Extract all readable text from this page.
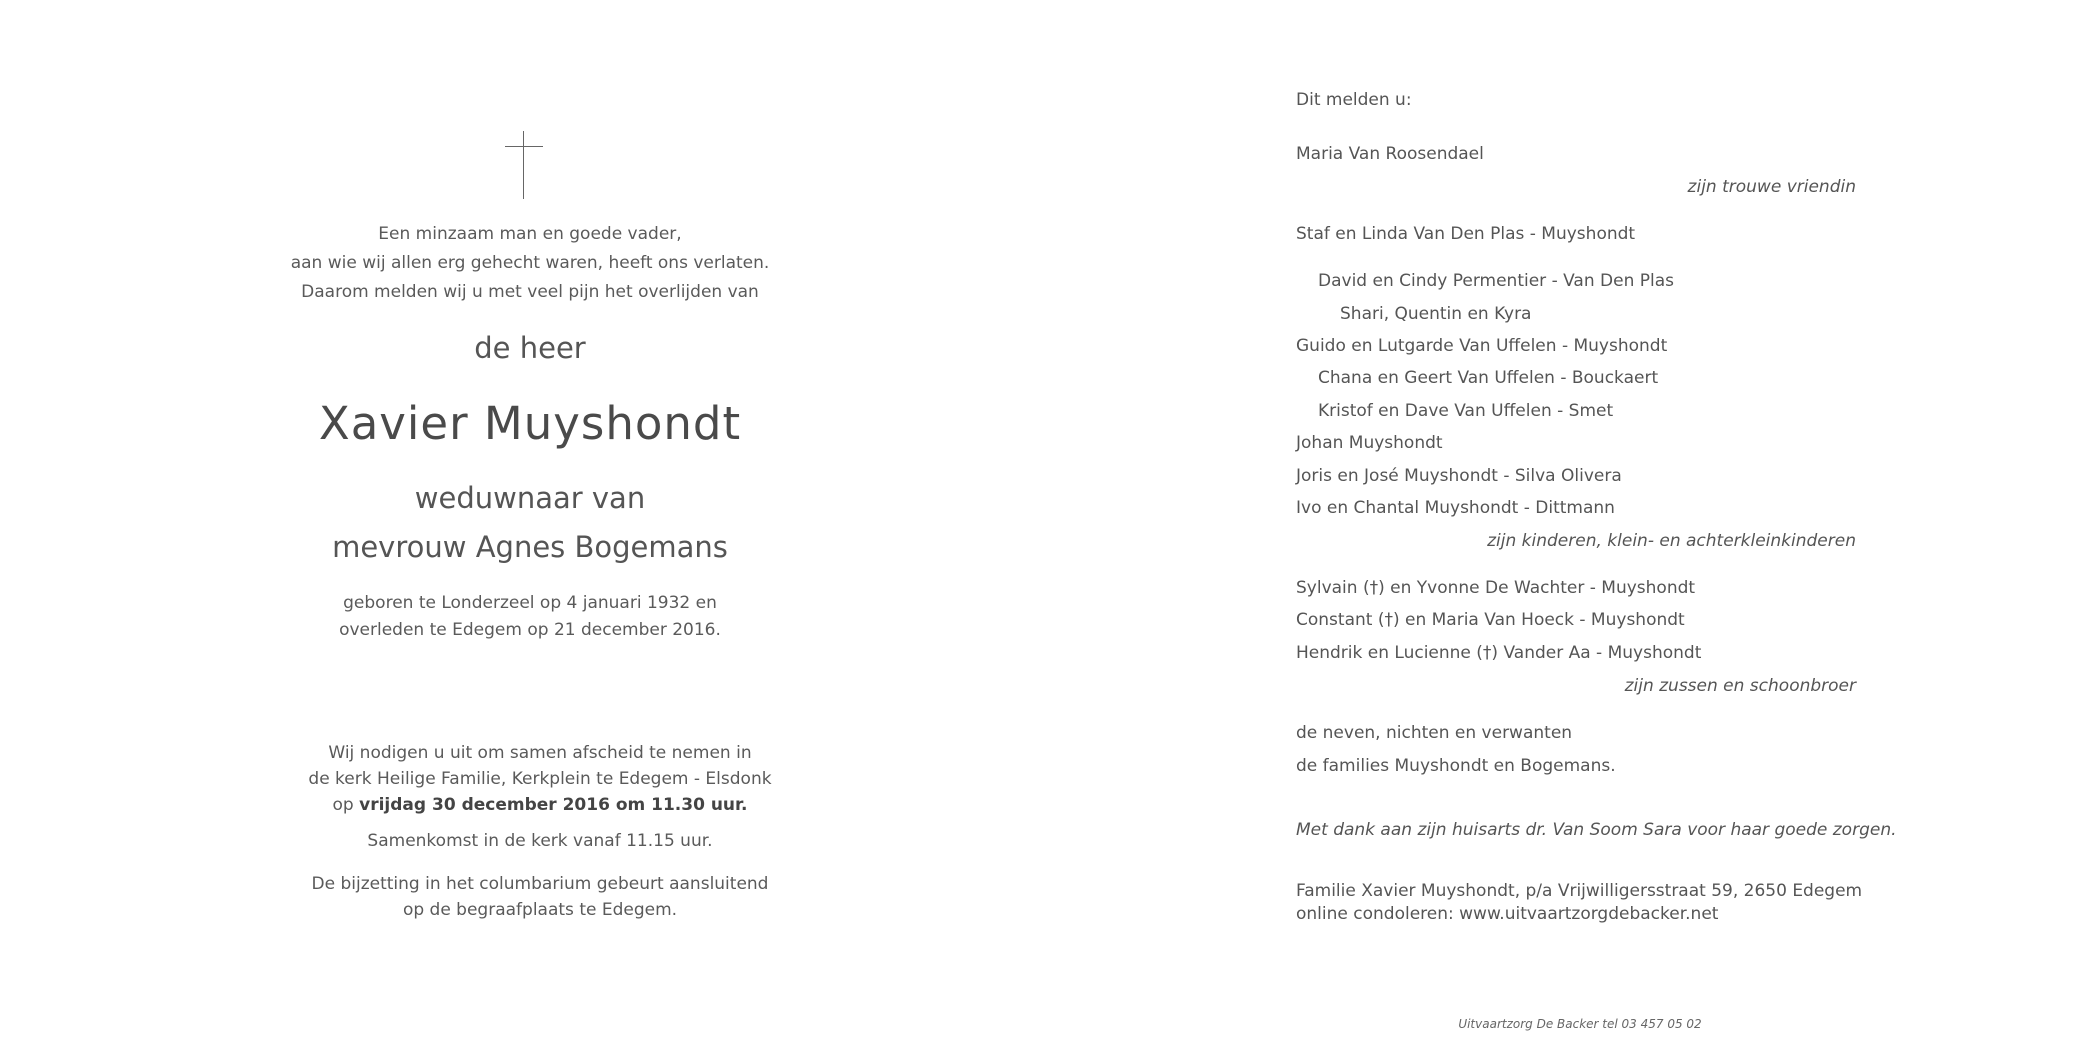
Een minzaam man en goede vader,
aan wie wij allen erg gehecht waren, heeft ons verlaten.
Daarom melden wij u met veel pijn het overlijden van
de heer
Xavier Muyshondt
weduwnaar van
mevrouw Agnes Bogemans
geboren te Londerzeel op 4 januari 1932 en
overleden te Edegem op 21 december 2016.
Wij nodigen u uit om samen afscheid te nemen in
de kerk Heilige Familie, Kerkplein te Edegem - Elsdonk
op vrijdag 30 december 2016 om 11.30 uur.
Samenkomst in de kerk vanaf 11.15 uur.
De bijzetting in het columbarium gebeurt aansluitend
op de begraafplaats te Edegem.
Dit melden u:
Maria Van Roosendael
zijn trouwe vriendin
Staf en Linda Van Den Plas - Muyshondt
David en Cindy Permentier - Van Den Plas
Shari, Quentin en Kyra
Guido en Lutgarde Van Uffelen - Muyshondt
Chana en Geert Van Uffelen - Bouckaert
Kristof en Dave Van Uffelen - Smet
Johan Muyshondt
Joris en José Muyshondt - Silva Olivera
Ivo en Chantal Muyshondt - Dittmann
zijn kinderen, klein- en achterkleinkinderen
Sylvain (†) en Yvonne De Wachter - Muyshondt
Constant (†) en Maria Van Hoeck - Muyshondt
Hendrik en Lucienne (†) Vander Aa - Muyshondt
zijn zussen en schoonbroer
de neven, nichten en verwanten
de families Muyshondt en Bogemans.
Met dank aan zijn huisarts dr. Van Soom Sara voor haar goede zorgen.
Familie Xavier Muyshondt, p/a Vrijwilligersstraat 59, 2650 Edegem
online condoleren: www.uitvaartzorgdebacker.net
Uitvaartzorg De Backer tel 03 457 05 02
